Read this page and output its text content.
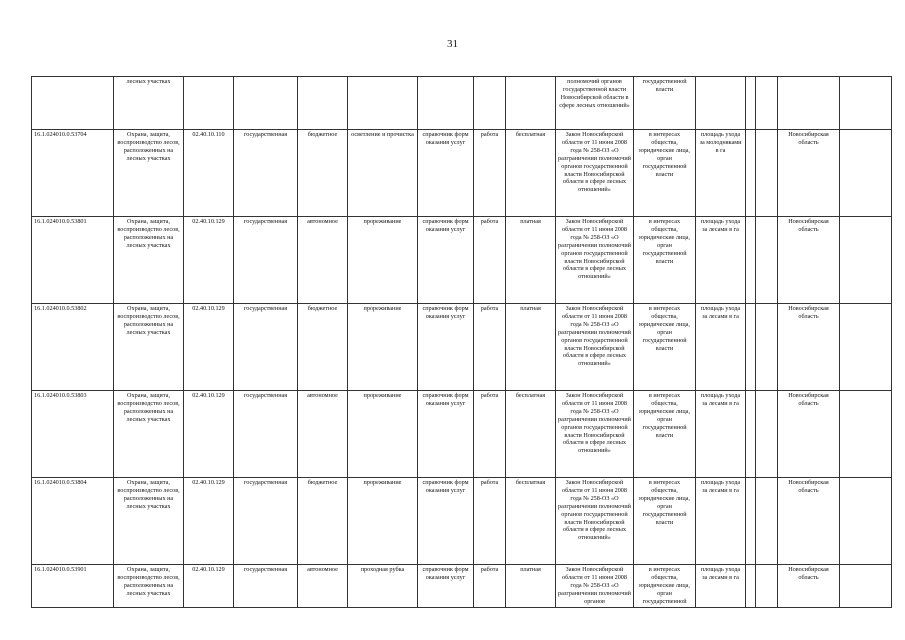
31
	лесных участках								полномочий органов государственной власти Новосибирской области в сфере лесных отношений»	государственной власти					
16.1.024010.0.53704	Охрана, защита, воспроизводство лесов, расположенных на лесных участках	02.40.10.110	государственная	бюджетное	осветление и прочистка	справочник форм оказания услуг	работа	бесплатная	Закон Новосибирской области от 11 июня 2008 года № 258-ОЗ «О разграничении полномочий органов государственной власти Новосибирской области в сфере лесных отношений»	в интересах общества, юридические лица, орган государственной власти	площадь ухода за молодняками в га			Новосибирская область	
16.1.024010.0.53801	Охрана, защита, воспроизводство лесов, расположенных на лесных участках	02.40.10.129	государственная	автономное	прореживание	справочник форм оказания услуг	работа	платная	Закон Новосибирской области от 11 июня 2008 года № 258-ОЗ «О разграничении полномочий органов государственной власти Новосибирской области в сфере лесных отношений»	в интересах общества, юридические лица, орган государственной власти	площадь ухода за лесами в га			Новосибирская область	
16.1.024010.0.53802	Охрана, защита, воспроизводство лесов, расположенных на лесных участках	02.40.10.129	государственная	бюджетное	прореживание	справочник форм оказания услуг	работа	платная	Закон Новосибирской области от 11 июня 2008 года № 258-ОЗ «О разграничении полномочий органов государственной власти Новосибирской области в сфере лесных отношений»	в интересах общества, юридические лица, орган государственной власти	площадь ухода за лесами в га			Новосибирская область	
16.1.024010.0.53803	Охрана, защита, воспроизводство лесов, расположенных на лесных участках	02.40.10.129	государственная	автономное	прореживание	справочник форм оказания услуг	работа	бесплатная	Закон Новосибирской области от 11 июня 2008 года № 258-ОЗ «О разграничении полномочий органов государственной власти Новосибирской области в сфере лесных отношений»	в интересах общества, юридические лица, орган государственной власти	площадь ухода за лесами в га			Новосибирская область	
16.1.024010.0.53804	Охрана, защита, воспроизводство лесов, расположенных на лесных участках	02.40.10.129	государственная	бюджетное	прореживание	справочник форм оказания услуг	работа	бесплатная	Закон Новосибирской области от 11 июня 2008 года № 258-ОЗ «О разграничении полномочий органов государственной власти Новосибирской области в сфере лесных отношений»	в интересах общества, юридические лица, орган государственной власти	площадь ухода за лесами в га			Новосибирская область	
16.1.024010.0.53901	Охрана, защита, воспроизводство лесов, расположенных на лесных участках	02.40.10.129	государственная	автономное	проходная рубка	справочник форм оказания услуг	работа	платная	Закон Новосибирской области от 11 июня 2008 года № 258-ОЗ «О разграничении полномочий органов	в интересах общества, юридические лица, орган государственной	площадь ухода за лесами в га			Новосибирская область	
